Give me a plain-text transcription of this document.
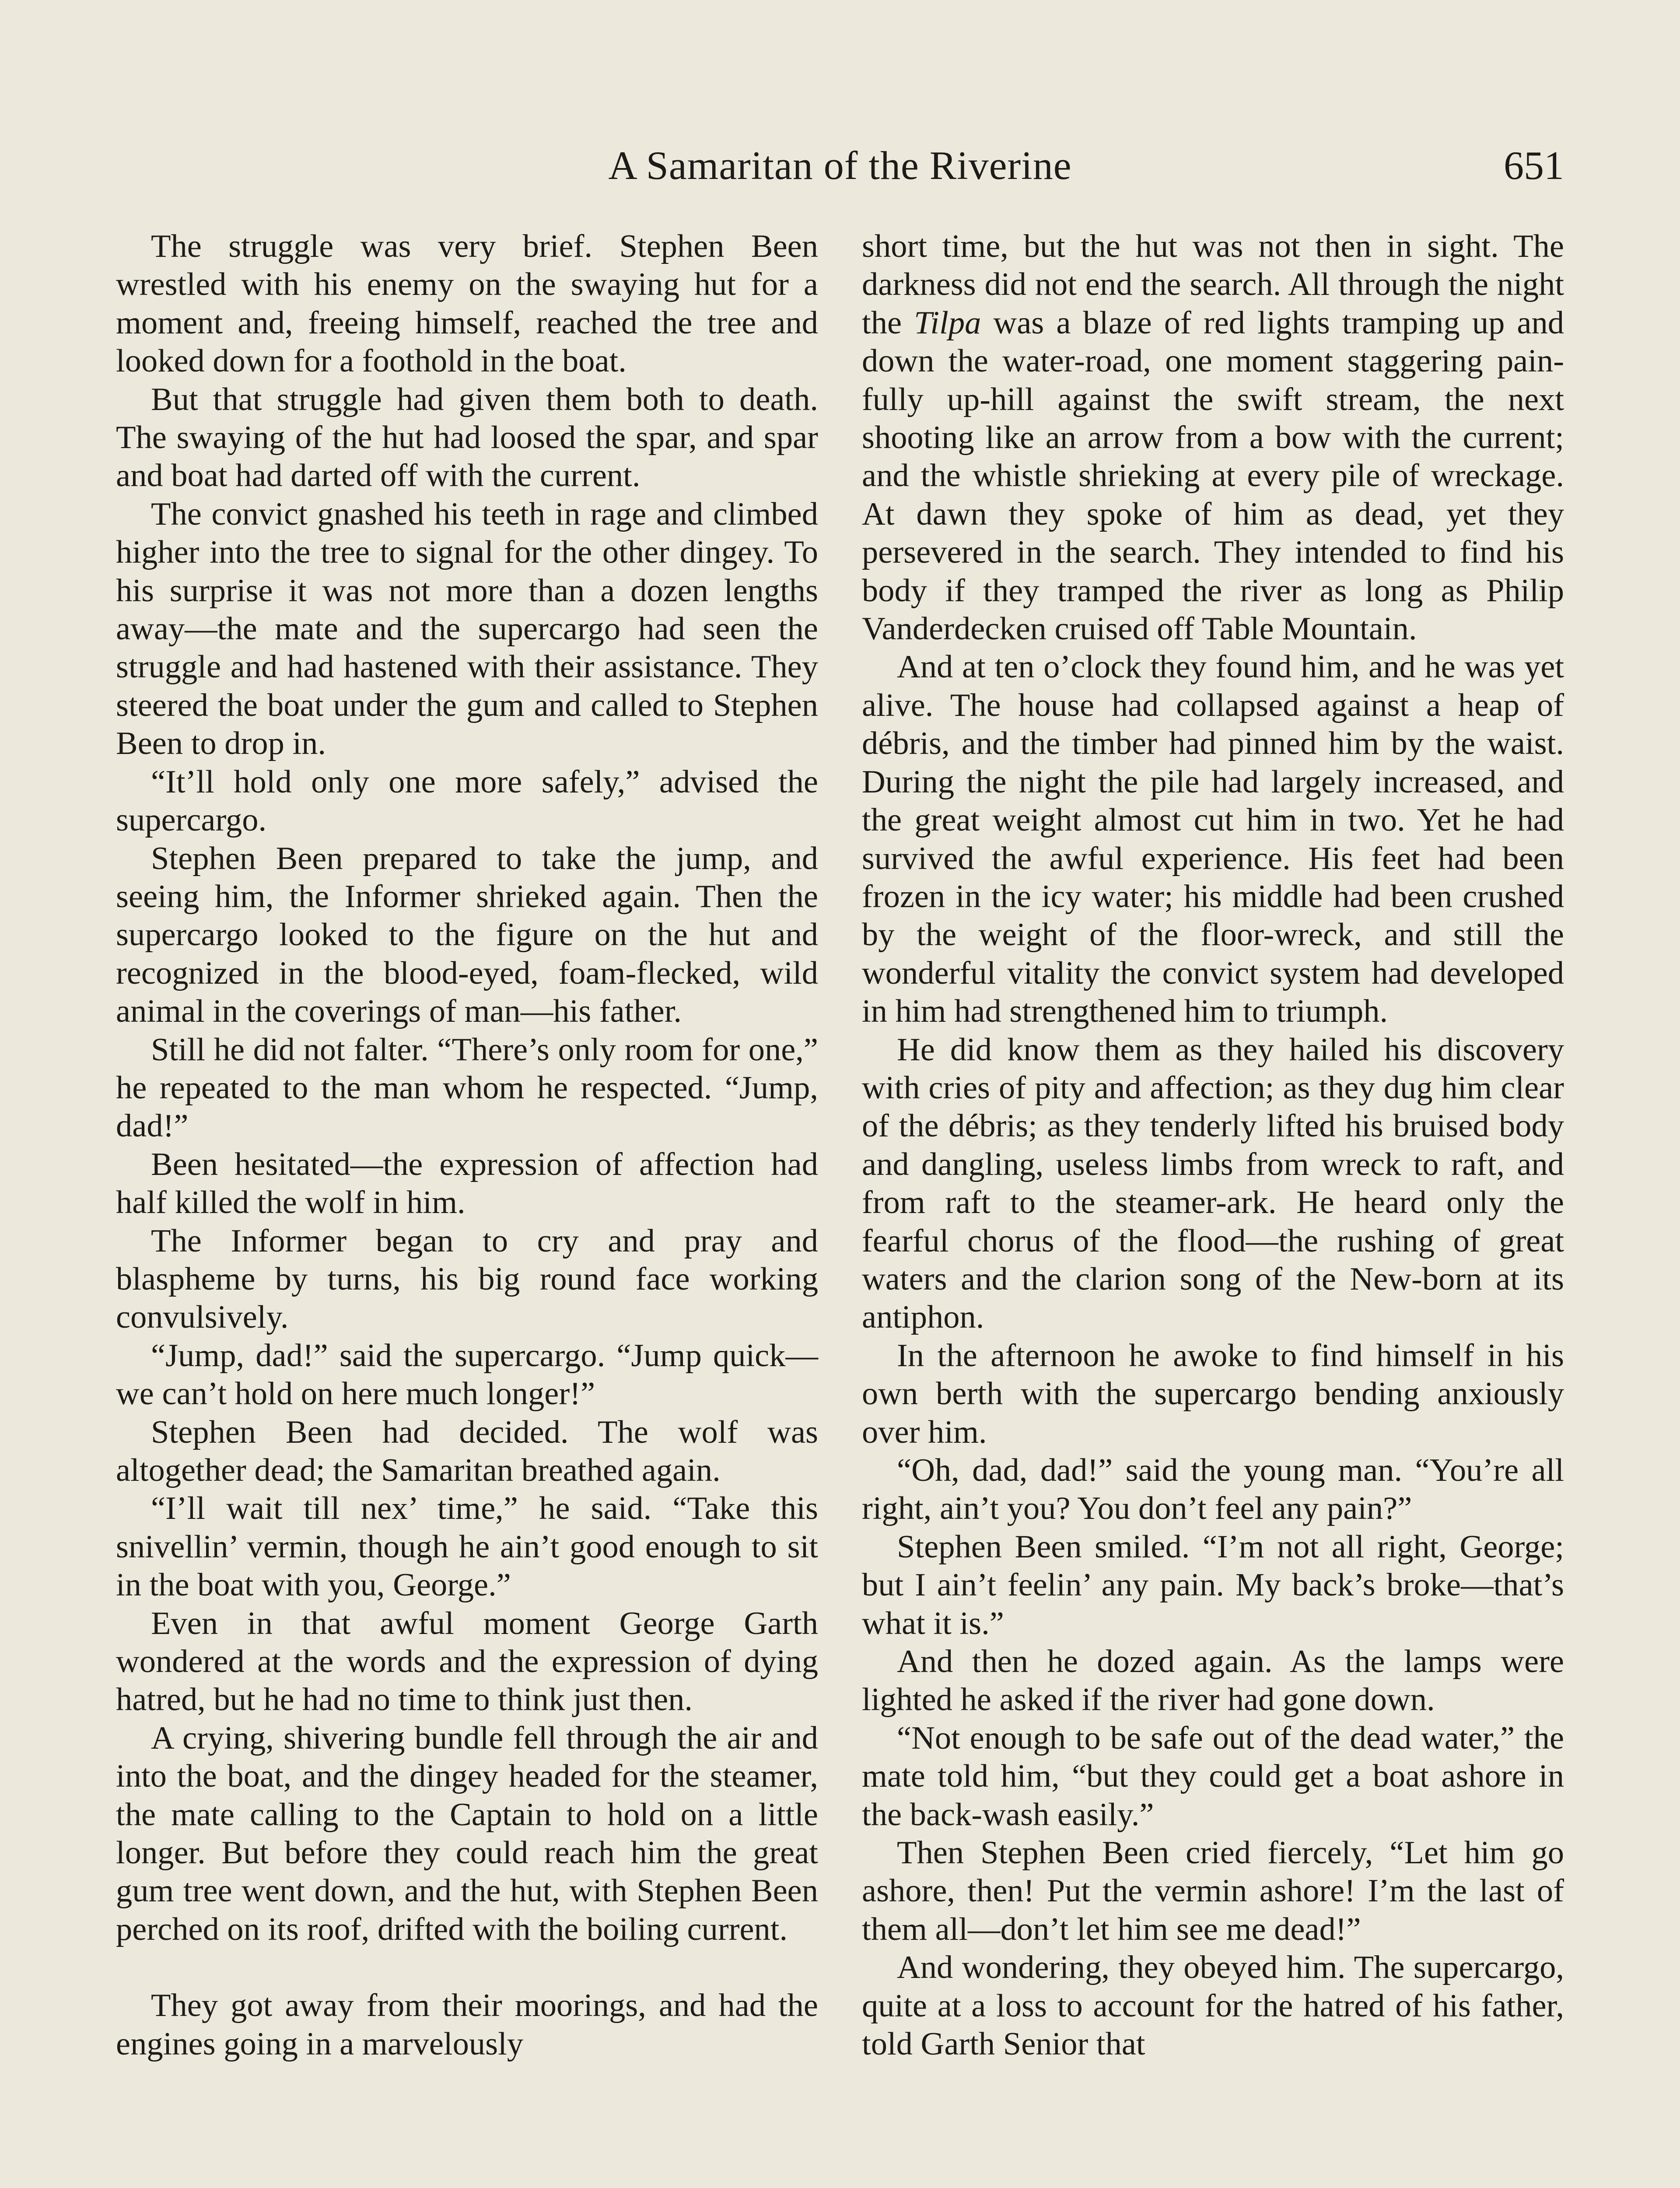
A Samaritan of the Riverine	651

The struggle was very brief. Stephen Been wrestled with his enemy on the swaying hut for a moment and, freeing himself, reached the tree and looked down for a foothold in the boat.

But that struggle had given them both to death. The swaying of the hut had loosed the spar, and spar and boat had darted off with the current.

The convict gnashed his teeth in rage and climbed higher into the tree to signal for the other dingey. To his surprise it was not more than a dozen lengths away—the mate and the supercargo had seen the struggle and had hastened with their assistance. They steered the boat under the gum and called to Stephen Been to drop in.

“It’ll hold only one more safely,” advised the supercargo.

Stephen Been prepared to take the jump, and seeing him, the Informer shrieked again. Then the supercargo looked to the figure on the hut and recognized in the blood-eyed, foam-flecked, wild animal in the coverings of man—his father.

Still he did not falter. “There’s only room for one,” he repeated to the man whom he respected. “Jump, dad!”

Been hesitated—the expression of affection had half killed the wolf in him.

The Informer began to cry and pray and blaspheme by turns, his big round face working convulsively.

“Jump, dad!” said the supercargo. “Jump quick—we can’t hold on here much longer!”

Stephen Been had decided. The wolf was altogether dead; the Samaritan breathed again.

“I’ll wait till nex’ time,” he said. “Take this snivellin’ vermin, though he ain’t good enough to sit in the boat with you, George.”

Even in that awful moment George Garth wondered at the words and the expression of dying hatred, but he had no time to think just then.

A crying, shivering bundle fell through the air and into the boat, and the dingey headed for the steamer, the mate calling to the Captain to hold on a little longer. But before they could reach him the great gum tree went down, and the hut, with Stephen Been perched on its roof, drifted with the boiling current.

They got away from their moorings, and had the engines going in a marvelously

short time, but the hut was not then in sight. The darkness did not end the search. All through the night the Tilpa was a blaze of red lights tramping up and down the water-road, one moment staggering painfully up-hill against the swift stream, the next shooting like an arrow from a bow with the current; and the whistle shrieking at every pile of wreckage. At dawn they spoke of him as dead, yet they persevered in the search. They intended to find his body if they tramped the river as long as Philip Vanderdecken cruised off Table Mountain.

And at ten o’clock they found him, and he was yet alive. The house had collapsed against a heap of débris, and the timber had pinned him by the waist. During the night the pile had largely increased, and the great weight almost cut him in two. Yet he had survived the awful experience. His feet had been frozen in the icy water; his middle had been crushed by the weight of the floor-wreck, and still the wonderful vitality the convict system had developed in him had strengthened him to triumph.

He did know them as they hailed his discovery with cries of pity and affection; as they dug him clear of the débris; as they tenderly lifted his bruised body and dangling, useless limbs from wreck to raft, and from raft to the steamer-ark. He heard only the fearful chorus of the flood—the rushing of great waters and the clarion song of the New-born at its antiphon.

In the afternoon he awoke to find himself in his own berth with the supercargo bending anxiously over him.

“Oh, dad, dad!” said the young man. “You’re all right, ain’t you? You don’t feel any pain?”

Stephen Been smiled. “I’m not all right, George; but I ain’t feelin’ any pain. My back’s broke—that’s what it is.”

And then he dozed again. As the lamps were lighted he asked if the river had gone down.

“Not enough to be safe out of the dead water,” the mate told him, “but they could get a boat ashore in the back-wash easily.”

Then Stephen Been cried fiercely, “Let him go ashore, then! Put the vermin ashore! I’m the last of them all—don’t let him see me dead!”

And wondering, they obeyed him. The supercargo, quite at a loss to account for the hatred of his father, told Garth Senior that
